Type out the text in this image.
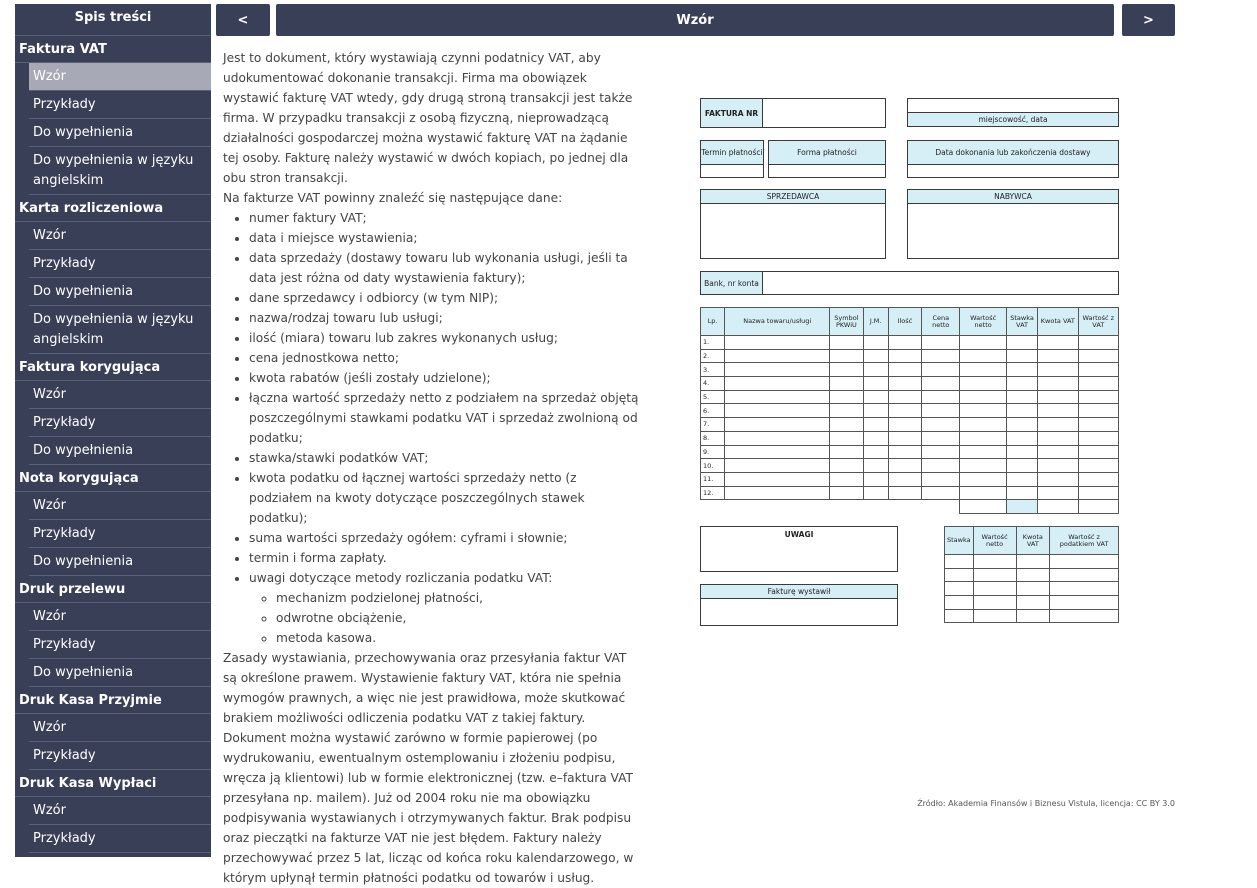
Spis treści
Faktura VAT
Wzór
Przykłady
Do wypełnienia
Do wypełnienia w języku angielskim
Karta rozliczeniowa
Wzór
Przykłady
Do wypełnienia
Do wypełnienia w języku angielskim
Faktura korygująca
Wzór
Przykłady
Do wypełnienia
Nota korygująca
Wzór
Przykłady
Do wypełnienia
Druk przelewu
Wzór
Przykłady
Do wypełnienia
Druk Kasa Przyjmie
Wzór
Przykłady
Druk Kasa Wypłaci
Wzór
Przykłady
<	Wzór	>

Jest to dokument, który wystawiają czynni podatnicy VAT, aby udokumentować dokonanie transakcji. Firma ma obowiązek wystawić fakturę VAT wtedy, gdy drugą stroną transakcji jest także firma. W przypadku transakcji z osobą fizyczną, nieprowadzącą działalności gospodarczej można wystawić fakturę VAT na żądanie tej osoby. Fakturę należy wystawić w dwóch kopiach, po jednej dla obu stron transakcji.

Na fakturze VAT powinny znaleźć się następujące dane:

• numer faktury VAT;
• data i miejsce wystawienia;
• data sprzedaży (dostawy towaru lub wykonania usługi, jeśli ta data jest różna od daty wystawienia faktury);
• dane sprzedawcy i odbiorcy (w tym NIP);
• nazwa/rodzaj towaru lub usługi;
• ilość (miara) towaru lub zakres wykonanych usług;
• cena jednostkowa netto;
• kwota rabatów (jeśli zostały udzielone);
• łączna wartość sprzedaży netto z podziałem na sprzedaż objętą poszczególnymi stawkami podatku VAT i sprzedaż zwolnioną od podatku;
• stawka/stawki podatków VAT;
• kwota podatku od łącznej wartości sprzedaży netto (z podziałem na kwoty dotyczące poszczególnych stawek podatku);
• suma wartości sprzedaży ogółem: cyframi i słownie;
• termin i forma zapłaty.
• uwagi dotyczące metody rozliczania podatku VAT:
◦ mechanizm podzielonej płatności,
◦ odwrotne obciążenie,
◦ metoda kasowa.

Zasady wystawiania, przechowywania oraz przesyłania faktur VAT są określone prawem. Wystawienie faktury VAT, która nie spełnia wymogów prawnych, a więc nie jest prawidłowa, może skutkować brakiem możliwości odliczenia podatku VAT z takiej faktury. Dokument można wystawić zarówno w formie papierowej (po wydrukowaniu, ewentualnym ostemplowaniu i złożeniu podpisu, wręcza ją klientowi) lub w formie elektronicznej (tzw. e–faktura VAT przesyłana np. mailem). Już od 2004 roku nie ma obowiązku podpisywania wystawianych i otrzymywanych faktur. Brak podpisu oraz pieczątki na fakturze VAT nie jest błędem. Faktury należy przechowywać przez 5 lat, licząc od końca roku kalendarzowego, w którym upłynął termin płatności podatku od towarów i usług.

FAKTURA NR
miejscowość, data
Termin płatności	Forma płatności	Data dokonania lub zakończenia dostawy
SPRZEDAWCA	NABYWCA
Bank, nr konta
Lp.	Nazwa towaru/usługi	Symbol PKWiU	J.M.	Ilość	Cena netto	Wartość netto	Stawka VAT	Kwota VAT	Wartość z VAT
1.									
2.									
3.									
4.									
5.									
6.									
7.									
8.									
9.									
10.									
11.									
12.									

UWAGI
Fakturę wystawił
Stawka	Wartość netto	Kwota VAT	Wartość z podatkiem VAT

Źródło: Akademia Finansów i Biznesu Vistula, licencja: CC BY 3.0
